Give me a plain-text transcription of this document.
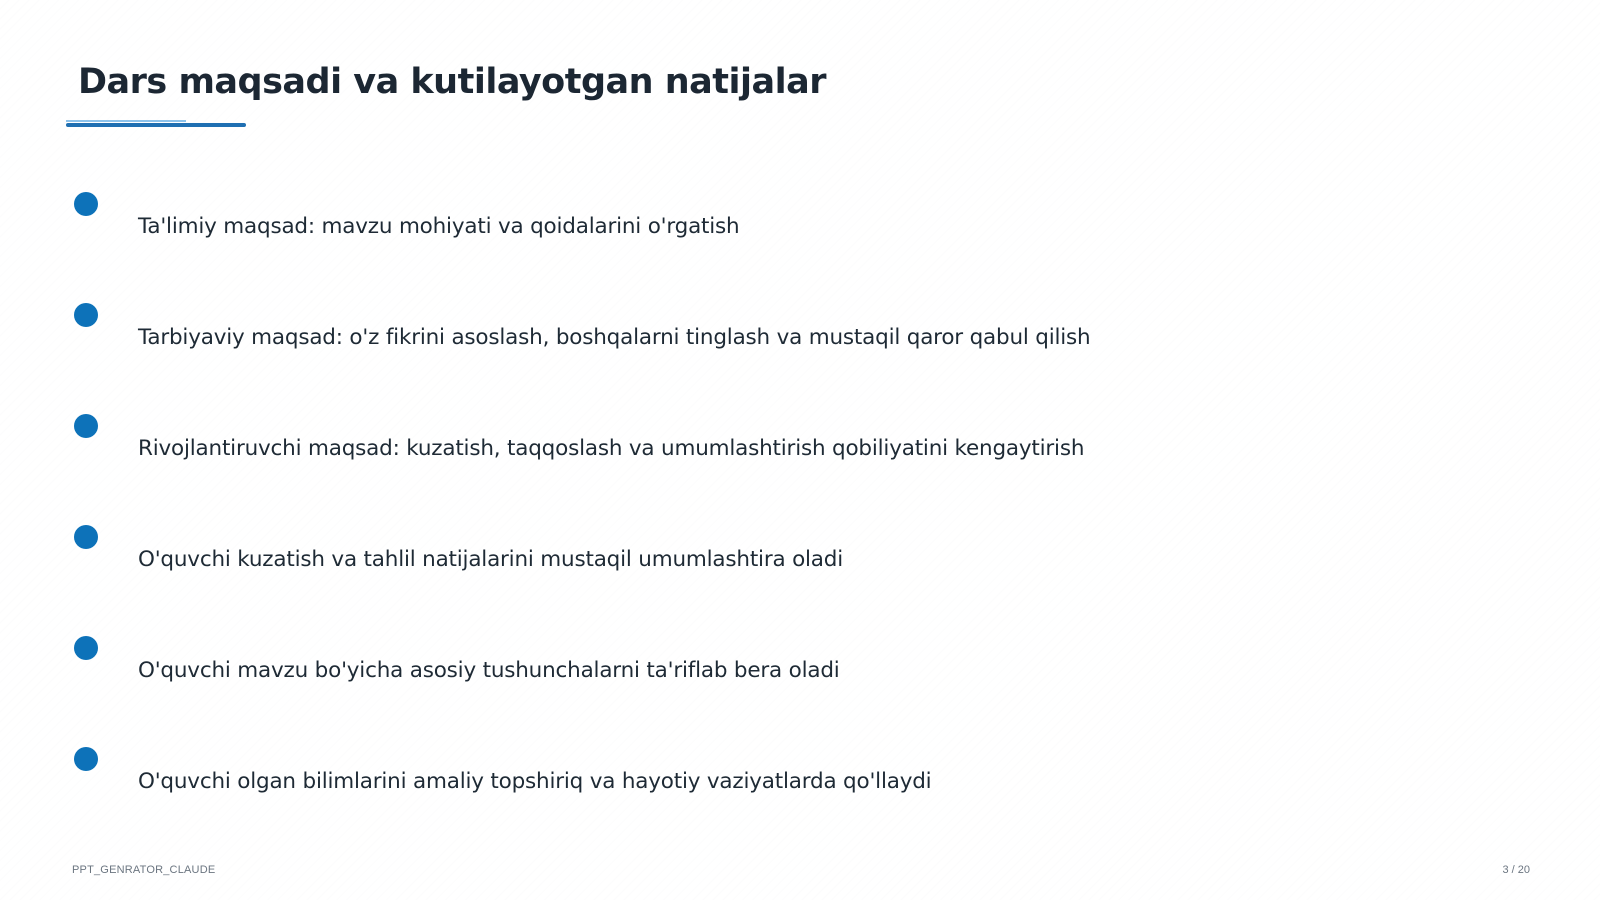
Dars maqsadi va kutilayotgan natijalar
Ta'limiy maqsad: mavzu mohiyati va qoidalarini o'rgatish
Tarbiyaviy maqsad: o'z fikrini asoslash, boshqalarni tinglash va mustaqil qaror qabul qilish
Rivojlantiruvchi maqsad: kuzatish, taqqoslash va umumlashtirish qobiliyatini kengaytirish
O'quvchi kuzatish va tahlil natijalarini mustaqil umumlashtira oladi
O'quvchi mavzu bo'yicha asosiy tushunchalarni ta'riflab bera oladi
O'quvchi olgan bilimlarini amaliy topshiriq va hayotiy vaziyatlarda qo'llaydi
PPT_GENRATOR_CLAUDE	3 / 20
